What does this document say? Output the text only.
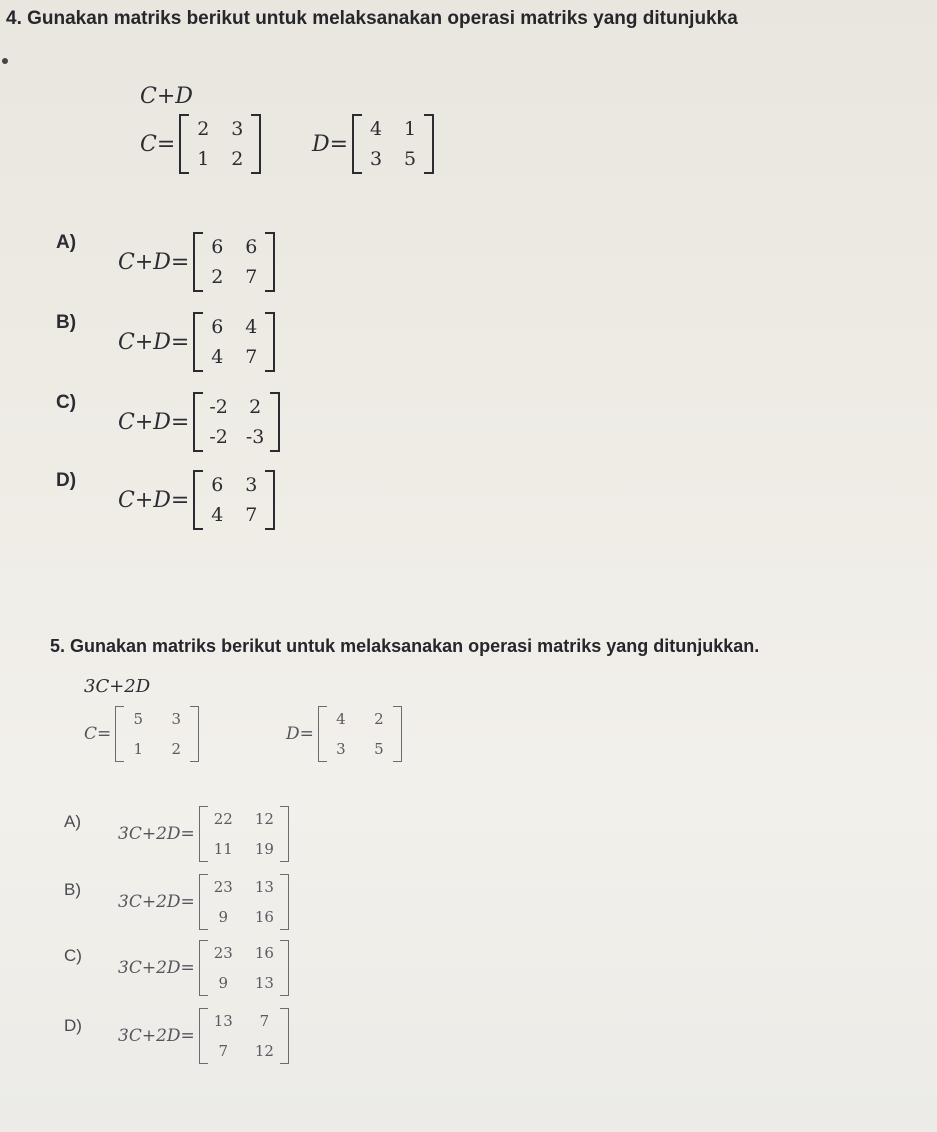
4. Gunakan matriks berikut untuk melaksanakan operasi matriks yang ditunjukka
C+D
C=
2 3
1 2
D=
4 1
3 5
A)
C+D=
6 6
2 7
B)
C+D=
6 4
4 7
C)
C+D=
-2 2
-2 -3
D)
C+D=
6 3
4 7
5. Gunakan matriks berikut untuk melaksanakan operasi matriks yang ditunjukkan.
3C+2D
C=
5 3
1 2
D=
4 2
3 5
A)
3C+2D=
22 12
11 19
B)
3C+2D=
23 13
9 16
C)
3C+2D=
23 16
9 13
D)
3C+2D=
13 7
7 12
